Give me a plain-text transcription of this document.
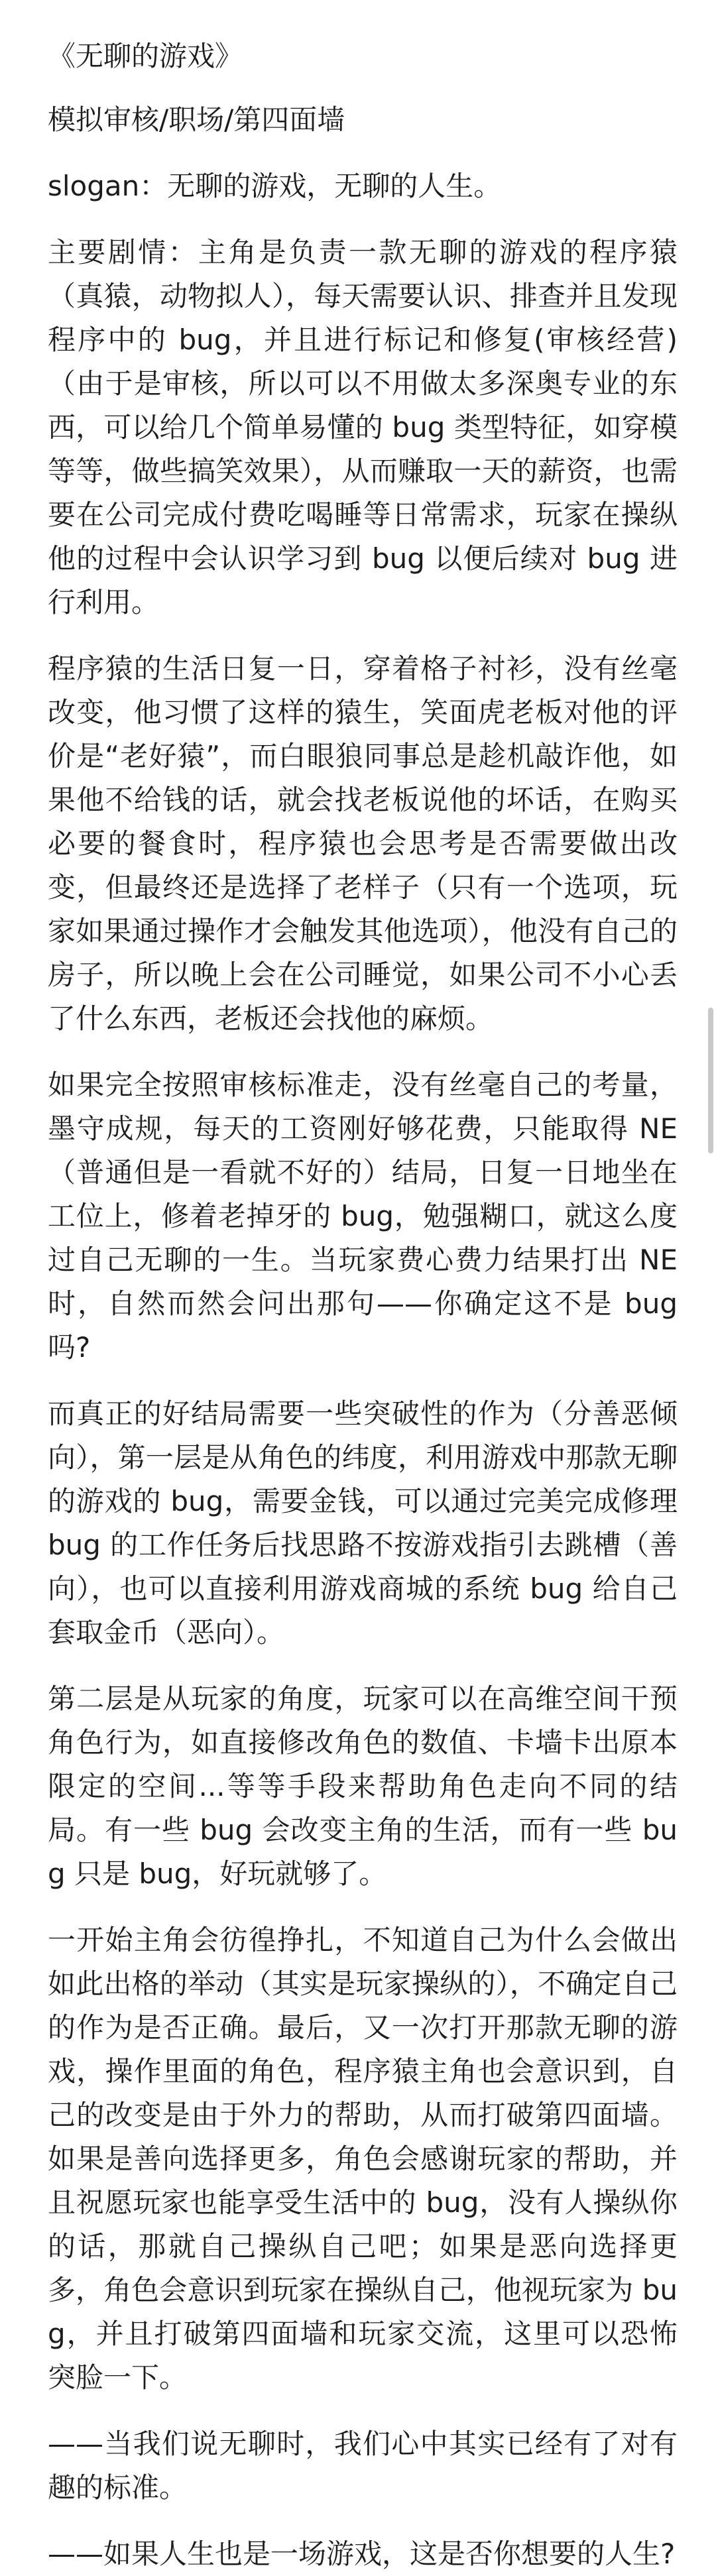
《无聊的游戏》
模拟审核/职场/第四面墙
slogan：无聊的游戏，无聊的人生。
主要剧情：主角是负责一款无聊的游戏的程序猿（真猿，动物拟人），每天需要认识、排查并且发现程序中的 bug，并且进行标记和修复(审核经营)（由于是审核，所以可以不用做太多深奥专业的东西，可以给几个简单易懂的 bug 类型特征，如穿模等等，做些搞笑效果），从而赚取一天的薪资，也需要在公司完成付费吃喝睡等日常需求，玩家在操纵他的过程中会认识学习到 bug 以便后续对 bug 进行利用。
程序猿的生活日复一日，穿着格子衬衫，没有丝毫改变，他习惯了这样的猿生，笑面虎老板对他的评价是“老好猿”，而白眼狼同事总是趁机敲诈他，如果他不给钱的话，就会找老板说他的坏话，在购买必要的餐食时，程序猿也会思考是否需要做出改变，但最终还是选择了老样子（只有一个选项，玩家如果通过操作才会触发其他选项），他没有自己的房子，所以晚上会在公司睡觉，如果公司不小心丢了什么东西，老板还会找他的麻烦。
如果完全按照审核标准走，没有丝毫自己的考量，墨守成规，每天的工资刚好够花费，只能取得 NE（普通但是一看就不好的）结局，日复一日地坐在工位上，修着老掉牙的 bug，勉强糊口，就这么度过自己无聊的一生。当玩家费心费力结果打出 NE 时，自然而然会问出那句——你确定这不是 bug 吗?
而真正的好结局需要一些突破性的作为（分善恶倾向），第一层是从角色的纬度，利用游戏中那款无聊的游戏的 bug，需要金钱，可以通过完美完成修理 bug 的工作任务后找思路不按游戏指引去跳槽（善向），也可以直接利用游戏商城的系统 bug 给自己套取金币（恶向）。
第二层是从玩家的角度，玩家可以在高维空间干预角色行为，如直接修改角色的数值、卡墙卡出原本限定的空间...等等手段来帮助角色走向不同的结局。有一些 bug 会改变主角的生活，而有一些 bug 只是 bug，好玩就够了。
一开始主角会彷徨挣扎，不知道自己为什么会做出如此出格的举动（其实是玩家操纵的），不确定自己的作为是否正确。最后，又一次打开那款无聊的游戏，操作里面的角色，程序猿主角也会意识到，自己的改变是由于外力的帮助，从而打破第四面墙。如果是善向选择更多，角色会感谢玩家的帮助，并且祝愿玩家也能享受生活中的 bug，没有人操纵你的话，那就自己操纵自己吧；如果是恶向选择更多，角色会意识到玩家在操纵自己，他视玩家为 bug，并且打破第四面墙和玩家交流，这里可以恐怖突脸一下。
——当我们说无聊时，我们心中其实已经有了对有趣的标准。
——如果人生也是一场游戏，这是否你想要的人生?
